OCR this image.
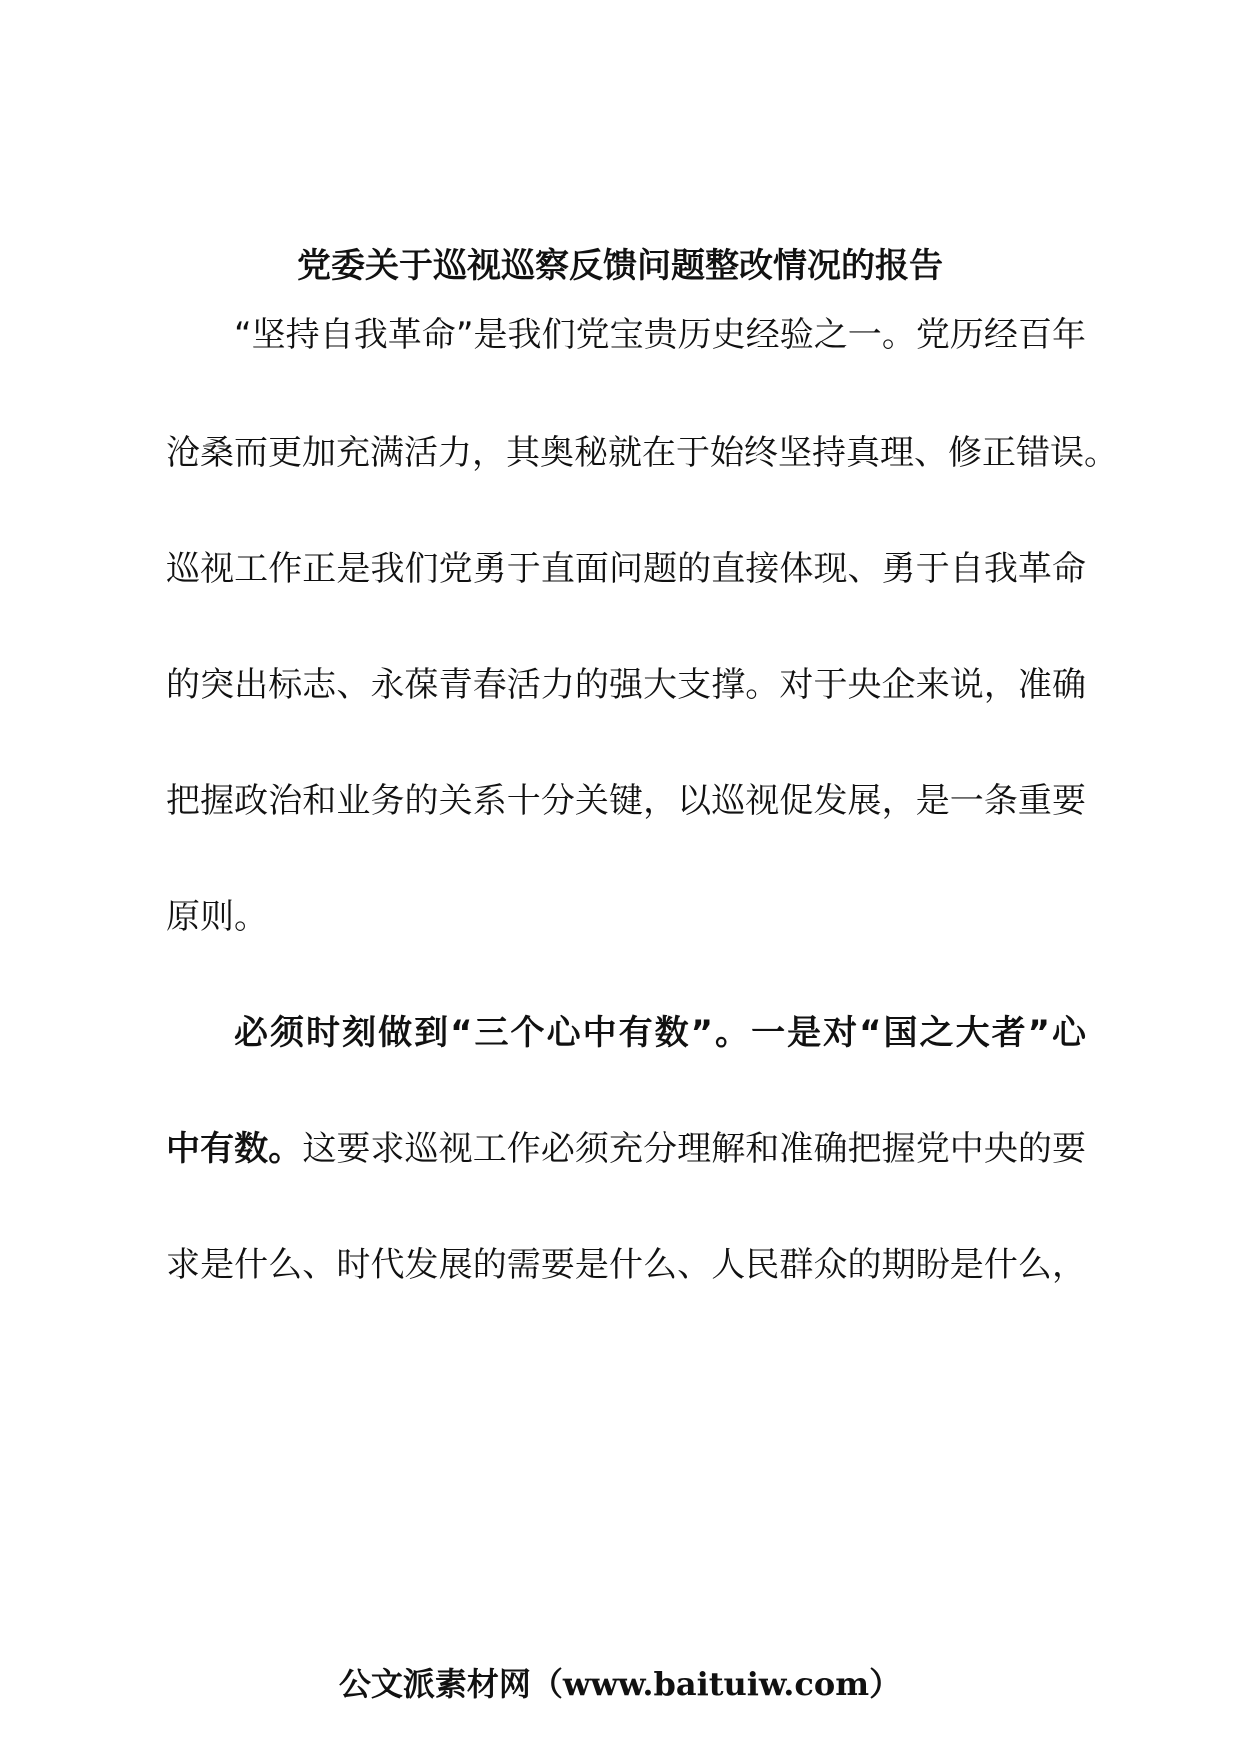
党委关于巡视巡察反馈问题整改情况的报告
“坚持自我革命”是我们党宝贵历史经验之一。党历经百年
沧桑而更加充满活力，其奥秘就在于始终坚持真理、修正错误。
巡视工作正是我们党勇于直面问题的直接体现、勇于自我革命
的突出标志、永葆青春活力的强大支撑。对于央企来说，准确
把握政治和业务的关系十分关键，以巡视促发展，是一条重要
原则。
必须时刻做到“三个心中有数”。一是对“国之大者”心
中有数。这要求巡视工作必须充分理解和准确把握党中央的要
求是什么、时代发展的需要是什么、人民群众的期盼是什么，
公文派素材网（www.baituiw.com）
